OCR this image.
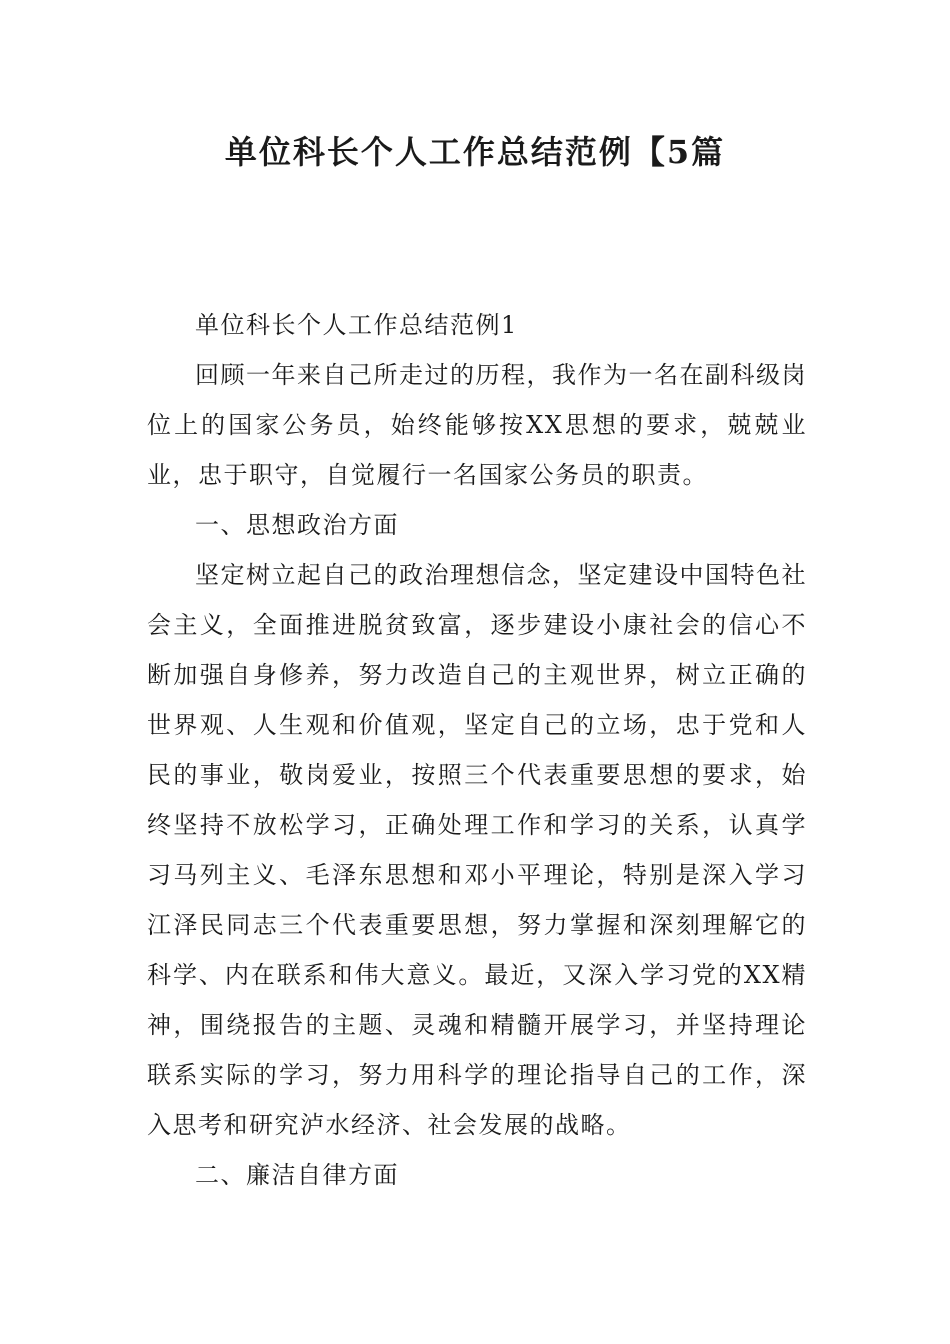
单位科长个人工作总结范例【5篇

单位科长个人工作总结范例1

回顾一年来自己所走过的历程，我作为一名在副科级岗位上的国家公务员，始终能够按XX思想的要求，兢兢业业，忠于职守，自觉履行一名国家公务员的职责。

一、思想政治方面

坚定树立起自己的政治理想信念，坚定建设中国特色社会主义，全面推进脱贫致富，逐步建设小康社会的信心不断加强自身修养，努力改造自己的主观世界，树立正确的世界观、人生观和价值观，坚定自己的立场，忠于党和人民的事业，敬岗爱业，按照三个代表重要思想的要求，始终坚持不放松学习，正确处理工作和学习的关系，认真学习马列主义、毛泽东思想和邓小平理论，特别是深入学习江泽民同志三个代表重要思想，努力掌握和深刻理解它的科学、内在联系和伟大意义。最近，又深入学习党的XX精神，围绕报告的主题、灵魂和精髓开展学习，并坚持理论联系实际的学习，努力用科学的理论指导自己的工作，深入思考和研究泸水经济、社会发展的战略。

二、廉洁自律方面
